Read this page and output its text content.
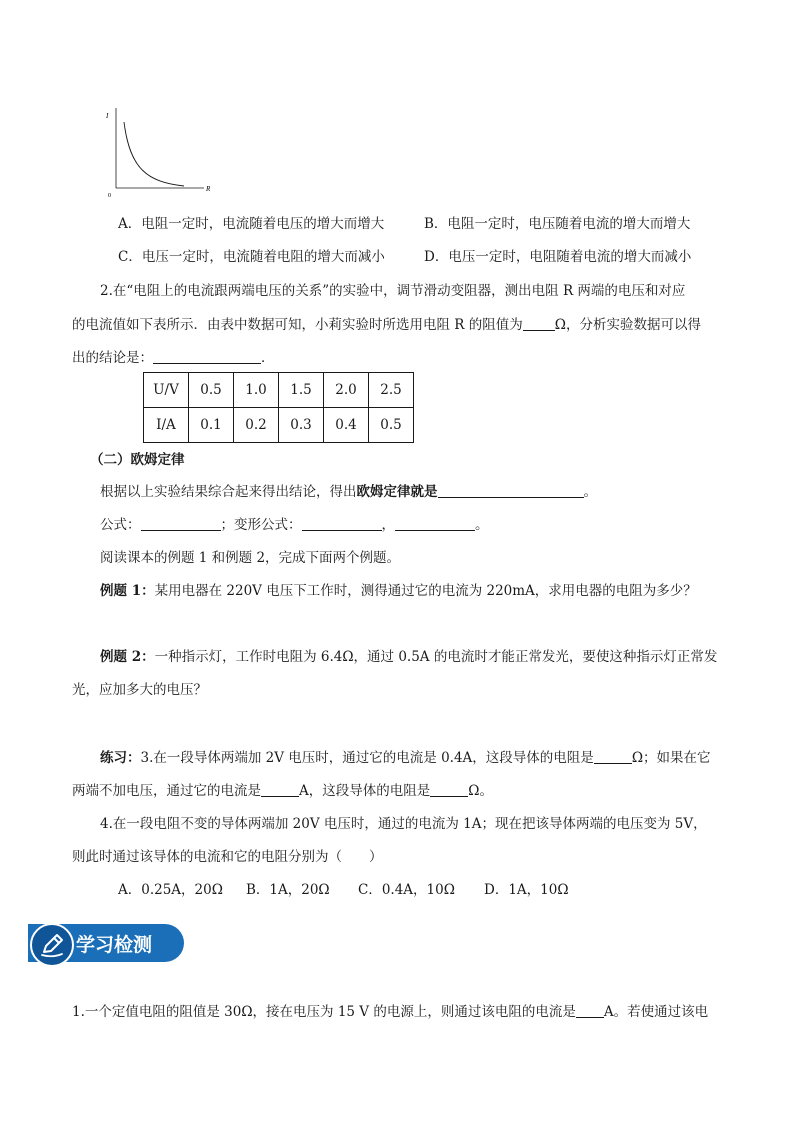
I
R
0
A．电阻一定时，电流随着电压的增大而增大	B．电阻一定时，电压随着电流的增大而增大
C．电压一定时，电流随着电阻的增大而减小	D．电压一定时，电阻随着电流的增大而减小
2.在“电阻上的电流跟两端电压的关系”的实验中，调节滑动变阻器，测出电阻 R 两端的电压和对应
的电流值如下表所示．由表中数据可知，小莉实验时所选用电阻 R 的阻值为 Ω，分析实验数据可以得
出的结论是：	．
U/V	0.5	1.0	1.5	2.0	2.5
I/A	0.1	0.2	0.3	0.4	0.5
（二）欧姆定律
根据以上实验结果综合起来得出结论，得出欧姆定律就是	。
公式：	；变形公式：	，	。
阅读课本的例题 1 和例题 2，完成下面两个例题。
例题 1：某用电器在 220V 电压下工作时，测得通过它的电流为 220mA，求用电器的电阻为多少？
例题 2：一种指示灯，工作时电阻为 6.4Ω，通过 0.5A 的电流时才能正常发光，要使这种指示灯正常发
光，应加多大的电压？
练习：3.在一段导体两端加 2V 电压时，通过它的电流是 0.4A，这段导体的电阻是	Ω；如果在它
两端不加电压，通过它的电流是	A，这段导体的电阻是	Ω。
4.在一段电阻不变的导体两端加 20V 电压时，通过的电流为 1A；现在把该导体两端的电压变为 5V，
则此时通过该导体的电流和它的电阻分别为（　　）
A．0.25A，20Ω B．1A，20Ω C．0.4A，10Ω D．1A，10Ω
学习检测
1.一个定值电阻的阻值是 30Ω，接在电压为 15 V 的电源上，则通过该电阻的电流是 A。若使通过该电
